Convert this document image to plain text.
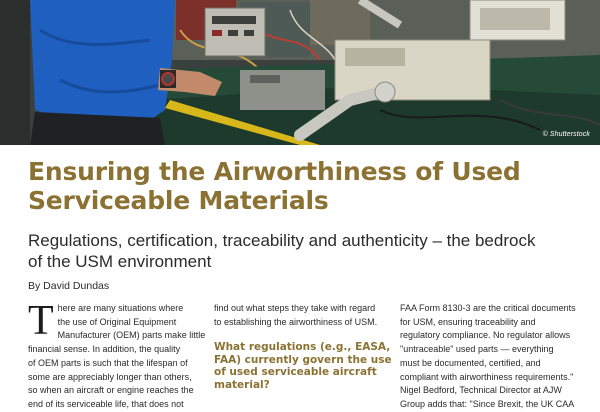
© Shutterstock
Ensuring the Airworthiness of Used
Serviceable Materials
Regulations, certification, traceability and authenticity – the bedrock
of the USM environment
By David Dundas
T here are many situations where
the use of Original Equipment
Manufacturer (OEM) parts make little
financial sense. In addition, the quality
of OEM parts is such that the lifespan of
some are appreciably longer than others,
so when an aircraft or engine reaches the
end of its serviceable life, that does not
find out what steps they take with regard
to establishing the airworthiness of USM.
What regulations (e.g., EASA,
FAA) currently govern the use
of used serviceable aircraft
material?
FAA Form 8130-3 are the critical documents
for USM, ensuring traceability and
regulatory compliance. No regulator allows
"untraceable" used parts — everything
must be documented, certified, and
compliant with airworthiness requirements."
Nigel Bedford, Technical Director at AJW
Group adds that: "Since Brexit, the UK CAA
